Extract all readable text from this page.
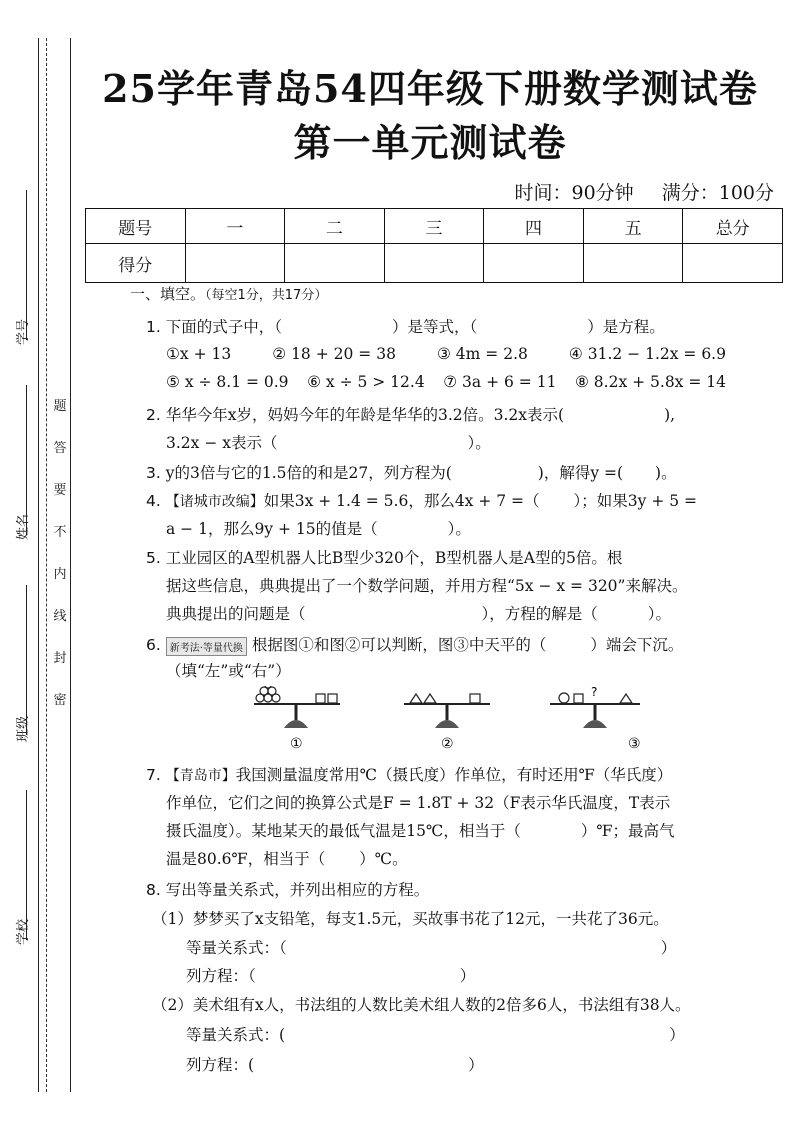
学号
姓名
班级
学校
题
答
要
不
内
线
封
密
25学年青岛54四年级下册数学测试卷
第一单元测试卷
时间：90分钟 满分：100分
题号	一	二	三	四	五	总分
得分						
一、填空。（每空1分，共17分）
1. 下面的式子中，（	）是等式，（	）是方程。
①x + 13	② 18 + 20 = 38	③ 4m = 2.8	④ 31.2 − 1.2x = 6.9
⑤ x ÷ 8.1 = 0.9 ⑥ x ÷ 5 > 12.4 ⑦ 3a + 6 = 11 ⑧ 8.2x + 5.8x = 14
2. 华华今年x岁，妈妈今年的年龄是华华的3.2倍。3.2x表示(	),
3.2x − x表示（	）。
3. y的3倍与它的1.5倍的和是27，列方程为(	)，解得y =( )。
4. 【诸城市改编】如果3x + 1.4 = 5.6，那么4x + 7 =（ ）；如果3y + 5 =
a − 1，那么9y + 15的值是（	）。
5. 工业园区的A型机器人比B型少320个，B型机器人是A型的5倍。根
据这些信息，典典提出了一个数学问题，并用方程“5x − x = 320”来解决。
典典提出的问题是（	），方程的解是（	）。
6. 新考法·等量代换 根据图①和图②可以判断，图③中天平的（	）端会下沉。
（填“左”或“右”）
7. 【青岛市】我国测量温度常用℃（摄氏度）作单位，有时还用℉（华氏度）
作单位，它们之间的换算公式是F = 1.8T + 32（F表示华氏温度，T表示
摄氏温度）。某地某天的最低气温是15℃，相当于（	）℉；最高气
温是80.6℉，相当于（ ）℃。
8. 写出等量关系式，并列出相应的方程。
（1）梦梦买了x支铅笔，每支1.5元，买故事书花了12元，一共花了36元。
等量关系式：（	）
列方程：（	）
（2）美术组有x人，书法组的人数比美术组人数的2倍多6人，书法组有38人。
等量关系式：(	）
列方程：(	）
①	②
?
③
